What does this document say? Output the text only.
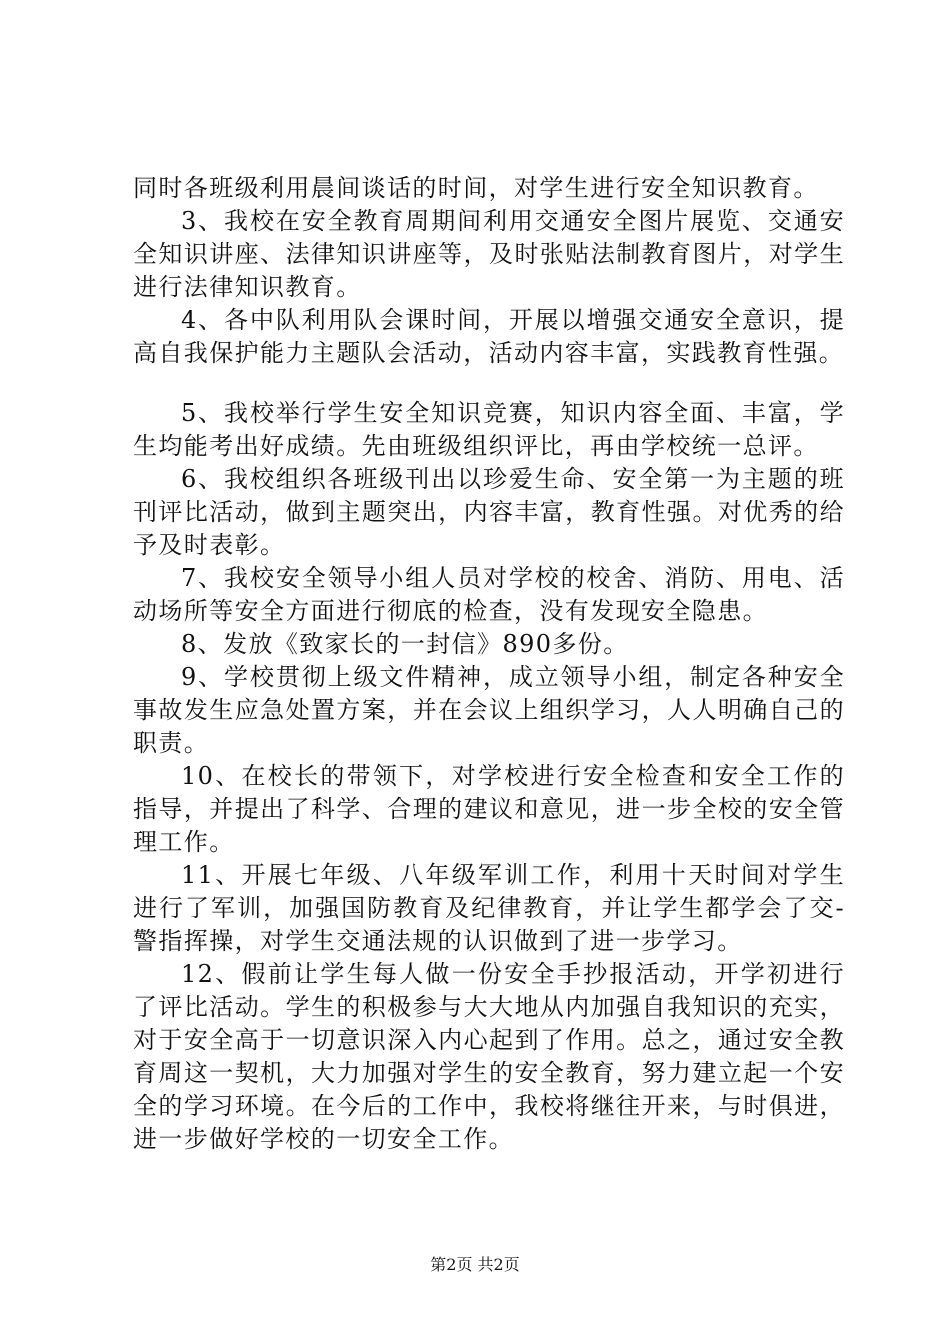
同时各班级利用晨间谈话的时间，对学生进行安全知识教育。

3、我校在安全教育周期间利用交通安全图片展览、交通安全知识讲座、法律知识讲座等，及时张贴法制教育图片，对学生进行法律知识教育。

4、各中队利用队会课时间，开展以增强交通安全意识，提高自我保护能力主题队会活动，活动内容丰富，实践教育性强。

5、我校举行学生安全知识竞赛，知识内容全面、丰富，学生均能考出好成绩。先由班级组织评比，再由学校统一总评。

6、我校组织各班级刊出以珍爱生命、安全第一为主题的班刊评比活动，做到主题突出，内容丰富，教育性强。对优秀的给予及时表彰。

7、我校安全领导小组人员对学校的校舍、消防、用电、活动场所等安全方面进行彻底的检查，没有发现安全隐患。

8、发放《致家长的一封信》890多份。

9、学校贯彻上级文件精神，成立领导小组，制定各种安全事故发生应急处置方案，并在会议上组织学习，人人明确自己的职责。

10、在校长的带领下，对学校进行安全检查和安全工作的指导，并提出了科学、合理的建议和意见，进一步全校的安全管理工作。

11、开展七年级、八年级军训工作，利用十天时间对学生进行了军训，加强国防教育及纪律教育，并让学生都学会了交-警指挥操，对学生交通法规的认识做到了进一步学习。

12、假前让学生每人做一份安全手抄报活动，开学初进行了评比活动。学生的积极参与大大地从内加强自我知识的充实，对于安全高于一切意识深入内心起到了作用。总之，通过安全教育周这一契机，大力加强对学生的安全教育，努力建立起一个安全的学习环境。在今后的工作中，我校将继往开来，与时俱进，进一步做好学校的一切安全工作。

第2页 共2页
